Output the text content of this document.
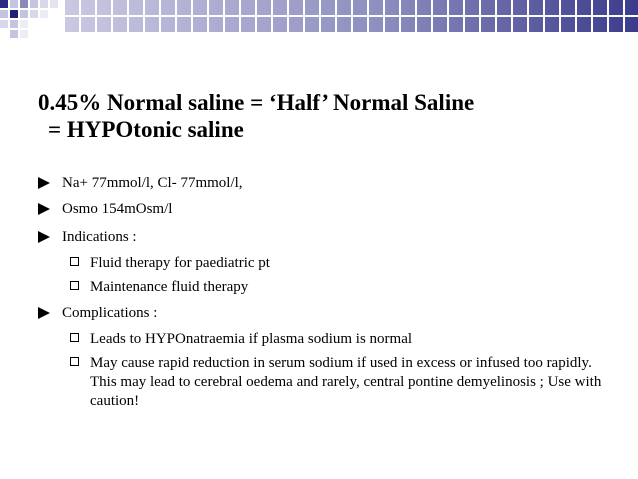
0.45% Normal saline = ‘Half’ Normal Saline
= HYPOtonic saline
Na+ 77mmol/l, Cl- 77mmol/l,
Osmo 154mOsm/l
Indications :
Fluid therapy for paediatric pt
Maintenance fluid therapy
Complications :
Leads to HYPOnatraemia if plasma sodium is normal
May cause rapid reduction in serum sodium if used in excess or infused too rapidly. This may lead to cerebral oedema and rarely, central pontine demyelinosis ; Use with caution!
